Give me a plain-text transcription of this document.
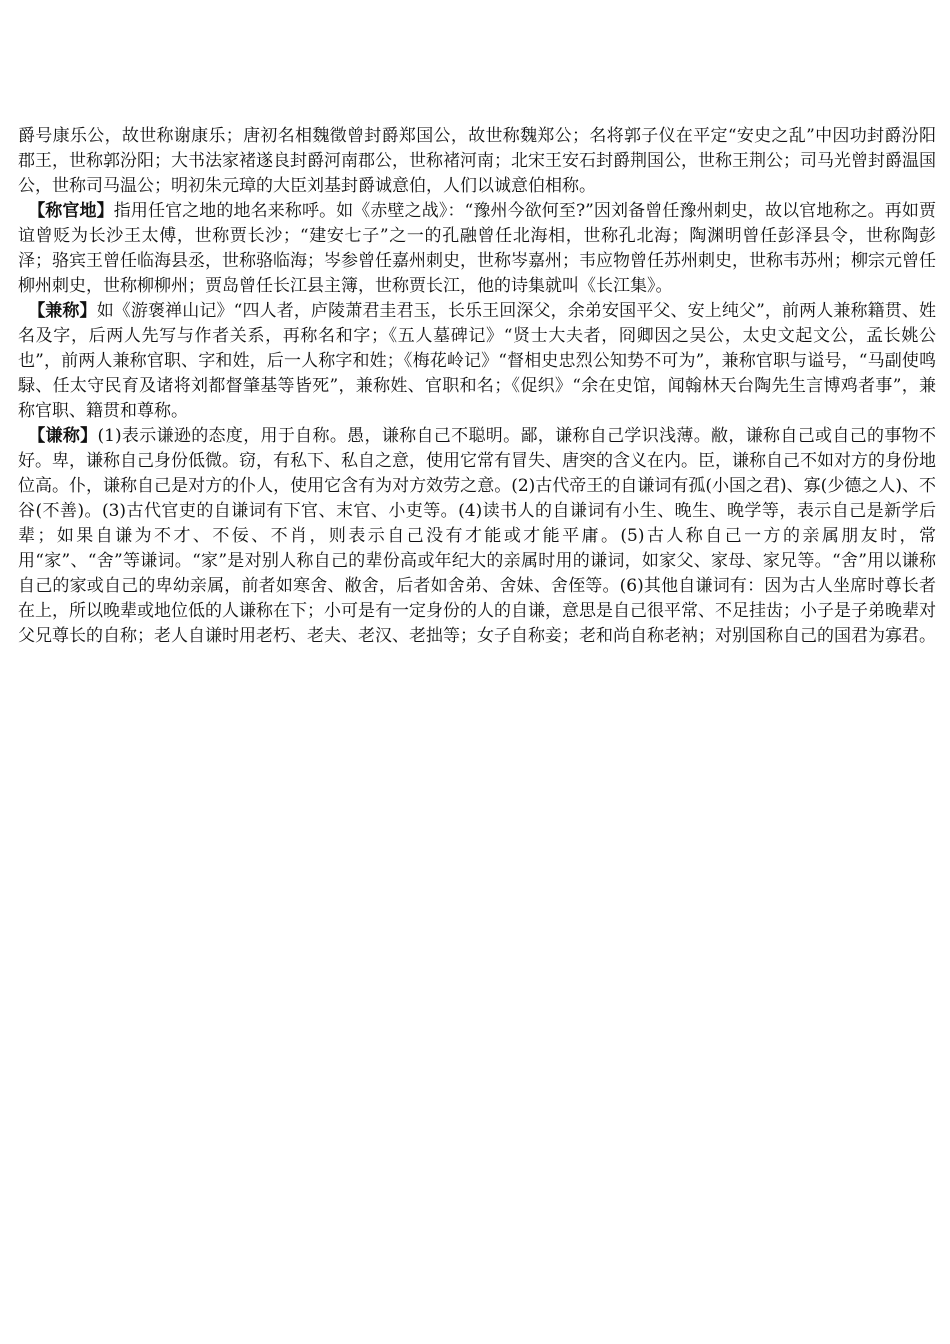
爵号康乐公，故世称谢康乐；唐初名相魏徵曾封爵郑国公，故世称魏郑公；名将郭子仪在平定“安史之乱”中因功封爵汾阳郡王，世称郭汾阳；大书法家褚遂良封爵河南郡公，世称褚河南；北宋王安石封爵荆国公，世称王荆公；司马光曾封爵温国公，世称司马温公；明初朱元璋的大臣刘基封爵诚意伯，人们以诚意伯相称。

【称官地】指用任官之地的地名来称呼。如《赤壁之战》：“豫州今欲何至?”因刘备曾任豫州刺史，故以官地称之。再如贾谊曾贬为长沙王太傅，世称贾长沙；“建安七子”之一的孔融曾任北海相，世称孔北海；陶渊明曾任彭泽县令，世称陶彭泽；骆宾王曾任临海县丞，世称骆临海；岑参曾任嘉州刺史，世称岑嘉州；韦应物曾任苏州刺史，世称韦苏州；柳宗元曾任柳州刺史，世称柳柳州；贾岛曾任长江县主簿，世称贾长江，他的诗集就叫《长江集》。

【兼称】如《游褒禅山记》“四人者，庐陵萧君圭君玉，长乐王回深父，余弟安国平父、安上纯父”，前两人兼称籍贯、姓名及字，后两人先写与作者关系，再称名和字；《五人墓碑记》“贤士大夫者，冏卿因之吴公，太史文起文公，孟长姚公也”，前两人兼称官职、字和姓，后一人称字和姓；《梅花岭记》“督相史忠烈公知势不可为”，兼称官职与谥号，“马副使鸣騄、任太守民育及诸将刘都督肇基等皆死”，兼称姓、官职和名；《促织》“余在史馆，闻翰林天台陶先生言博鸡者事”，兼称官职、籍贯和尊称。

【谦称】(1)表示谦逊的态度，用于自称。愚，谦称自己不聪明。鄙，谦称自己学识浅薄。敝，谦称自己或自己的事物不好。卑，谦称自己身份低微。窃，有私下、私自之意，使用它常有冒失、唐突的含义在内。臣，谦称自己不如对方的身份地位高。仆，谦称自己是对方的仆人，使用它含有为对方效劳之意。(2)古代帝王的自谦词有孤(小国之君)、寡(少德之人)、不谷(不善)。(3)古代官吏的自谦词有下官、末官、小吏等。(4)读书人的自谦词有小生、晚生、晚学等，表示自己是新学后辈；如果自谦为不才、不佞、不肖，则表示自己没有才能或才能平庸。(5)古人称自己一方的亲属朋友时，常用“家”、“舍”等谦词。“家”是对别人称自己的辈份高或年纪大的亲属时用的谦词，如家父、家母、家兄等。“舍”用以谦称自己的家或自己的卑幼亲属，前者如寒舍、敝舍，后者如舍弟、舍妹、舍侄等。(6)其他自谦词有：因为古人坐席时尊长者在上，所以晚辈或地位低的人谦称在下；小可是有一定身份的人的自谦，意思是自己很平常、不足挂齿；小子是子弟晚辈对父兄尊长的自称；老人自谦时用老朽、老夫、老汉、老拙等；女子自称妾；老和尚自称老衲；对别国称自己的国君为寡君。
